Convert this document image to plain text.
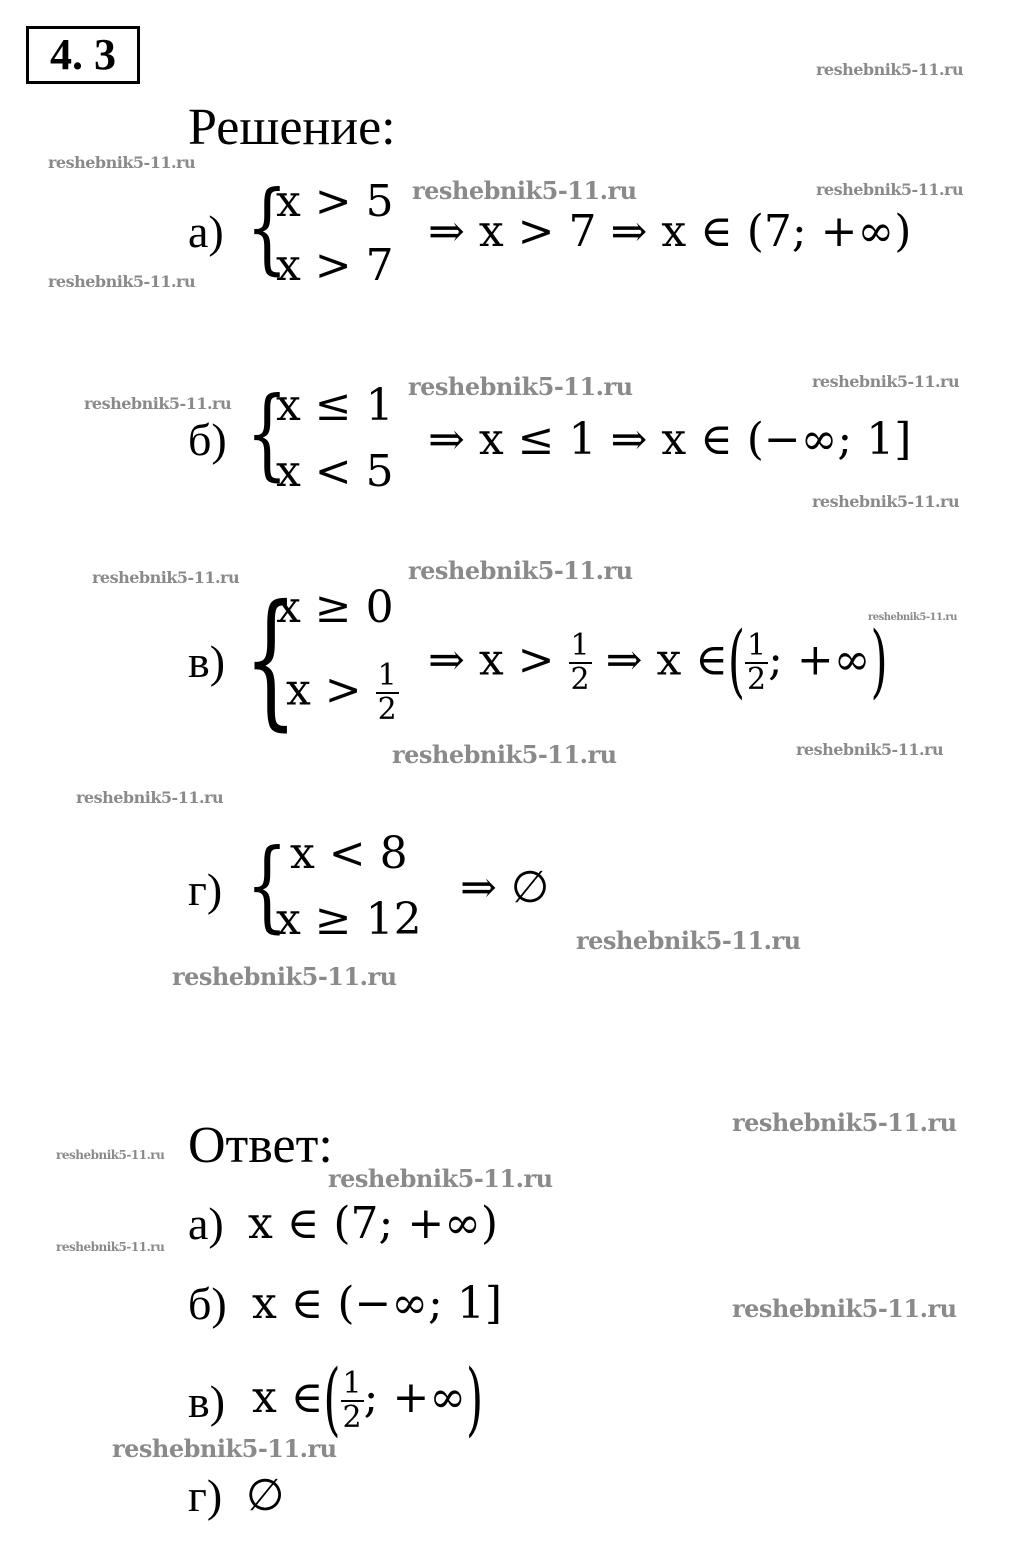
4. 3
Решение:
а) {
x > 5
x > 7
⇒ x > 7 ⇒ x ∈ (7; +∞)
б) {
x ≤ 1
x < 5
⇒ x ≤ 1 ⇒ x ∈ (−∞; 1]
в) {
x ≥ 0
$x > \frac{1}{2}$ ⇒ $x > \frac{1}{2}$ ⇒ x ∈( $\frac{1}{2}$ ; +∞)
г) { x < 8
x ≥ 12
⇒ ∅
Ответ:
а) x ∈ (7; +∞)
б) x ∈ (−∞; 1]
в) x ∈( $\frac{1}{2}$ ; +∞)
г) ∅
reshebnik5-11.ru
reshebnik5-11.ru
reshebnik5-11.ru	reshebnik5-11.ru
reshebnik5-11.ru
reshebnik5-11.ru	reshebnik5-11.ru
reshebnik5-11.ru
reshebnik5-11.ru
reshebnik5-11.ru	reshebnik5-11.ru
reshebnik5-11.ru
reshebnik5-11.ru	reshebnik5-11.ru
reshebnik5-11.ru
reshebnik5-11.ru
reshebnik5-11.ru
reshebnik5-11.ru
reshebnik5-11.ru
reshebnik5-11.ru
reshebnik5-11.ru
reshebnik5-11.ru
reshebnik5-11.ru
